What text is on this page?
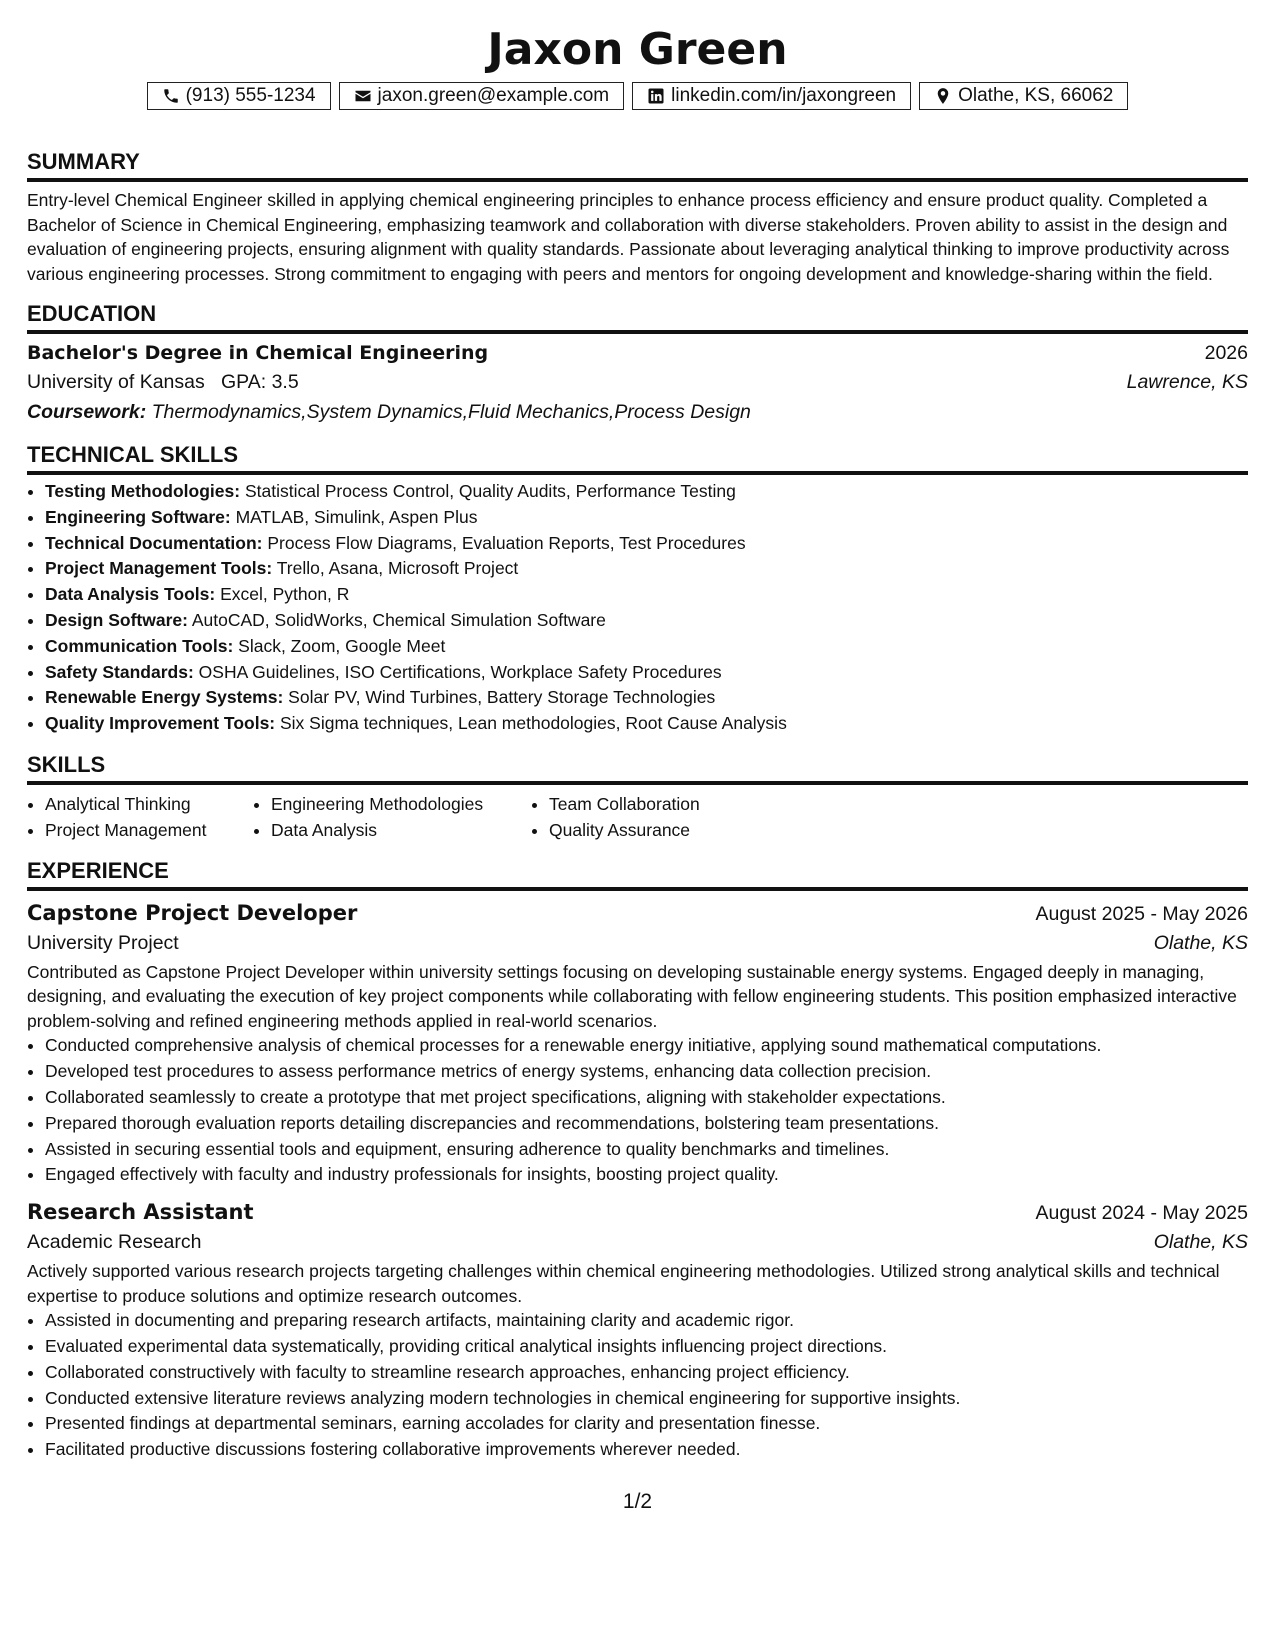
Jaxon Green
(913) 555-1234	jaxon.green@example.com	linkedin.com/in/jaxongreen	Olathe, KS, 66062
SUMMARY

Entry-level Chemical Engineer skilled in applying chemical engineering principles to enhance process efficiency and ensure product quality. Completed a Bachelor of Science in Chemical Engineering, emphasizing teamwork and collaboration with diverse stakeholders. Proven ability to assist in the design and evaluation of engineering projects, ensuring alignment with quality standards. Passionate about leveraging analytical thinking to improve productivity across various engineering processes. Strong commitment to engaging with peers and mentors for ongoing development and knowledge-sharing within the field.

EDUCATION
Bachelor's Degree in Chemical Engineering	2026
University of Kansas GPA: 3.5	Lawrence, KS
Coursework: Thermodynamics,System Dynamics,Fluid Mechanics,Process Design
TECHNICAL SKILLS
• Testing Methodologies: Statistical Process Control, Quality Audits, Performance Testing
• Engineering Software: MATLAB, Simulink, Aspen Plus
• Technical Documentation: Process Flow Diagrams, Evaluation Reports, Test Procedures
• Project Management Tools: Trello, Asana, Microsoft Project
• Data Analysis Tools: Excel, Python, R
• Design Software: AutoCAD, SolidWorks, Chemical Simulation Software
• Communication Tools: Slack, Zoom, Google Meet
• Safety Standards: OSHA Guidelines, ISO Certifications, Workplace Safety Procedures
• Renewable Energy Systems: Solar PV, Wind Turbines, Battery Storage Technologies
• Quality Improvement Tools: Six Sigma techniques, Lean methodologies, Root Cause Analysis
SKILLS
• Analytical Thinking
• Project Management
• Engineering Methodologies
• Data Analysis
• Team Collaboration
• Quality Assurance
EXPERIENCE
Capstone Project Developer	August 2025 - May 2026
University Project	Olathe, KS

Contributed as Capstone Project Developer within university settings focusing on developing sustainable energy systems. Engaged deeply in managing, designing, and evaluating the execution of key project components while collaborating with fellow engineering students. This position emphasized interactive problem-solving and refined engineering methods applied in real-world scenarios.

• Conducted comprehensive analysis of chemical processes for a renewable energy initiative, applying sound mathematical computations.
• Developed test procedures to assess performance metrics of energy systems, enhancing data collection precision.
• Collaborated seamlessly to create a prototype that met project specifications, aligning with stakeholder expectations.
• Prepared thorough evaluation reports detailing discrepancies and recommendations, bolstering team presentations.
• Assisted in securing essential tools and equipment, ensuring adherence to quality benchmarks and timelines.
• Engaged effectively with faculty and industry professionals for insights, boosting project quality.
Research Assistant	August 2024 - May 2025
Academic Research	Olathe, KS

Actively supported various research projects targeting challenges within chemical engineering methodologies. Utilized strong analytical skills and technical expertise to produce solutions and optimize research outcomes.

• Assisted in documenting and preparing research artifacts, maintaining clarity and academic rigor.
• Evaluated experimental data systematically, providing critical analytical insights influencing project directions.
• Collaborated constructively with faculty to streamline research approaches, enhancing project efficiency.
• Conducted extensive literature reviews analyzing modern technologies in chemical engineering for supportive insights.
• Presented findings at departmental seminars, earning accolades for clarity and presentation finesse.
• Facilitated productive discussions fostering collaborative improvements wherever needed.
1/2
